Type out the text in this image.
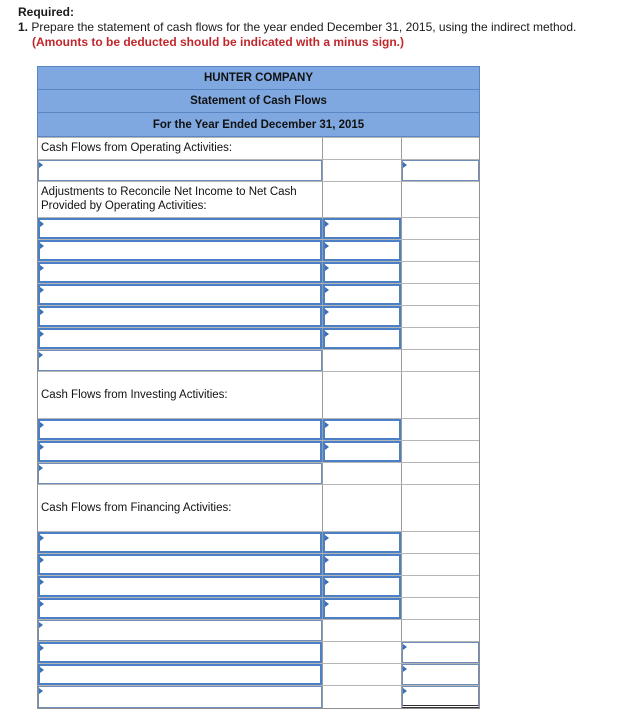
Required:
1. Prepare the statement of cash flows for the year ended December 31, 2015, using the indirect method.
(Amounts to be deducted should be indicated with a minus sign.)
HUNTER COMPANY
Statement of Cash Flows
For the Year Ended December 31, 2015
Cash Flows from Operating Activities:
Adjustments to Reconcile Net Income to Net Cash Provided by Operating Activities:
Cash Flows from Investing Activities:
Cash Flows from Financing Activities:
